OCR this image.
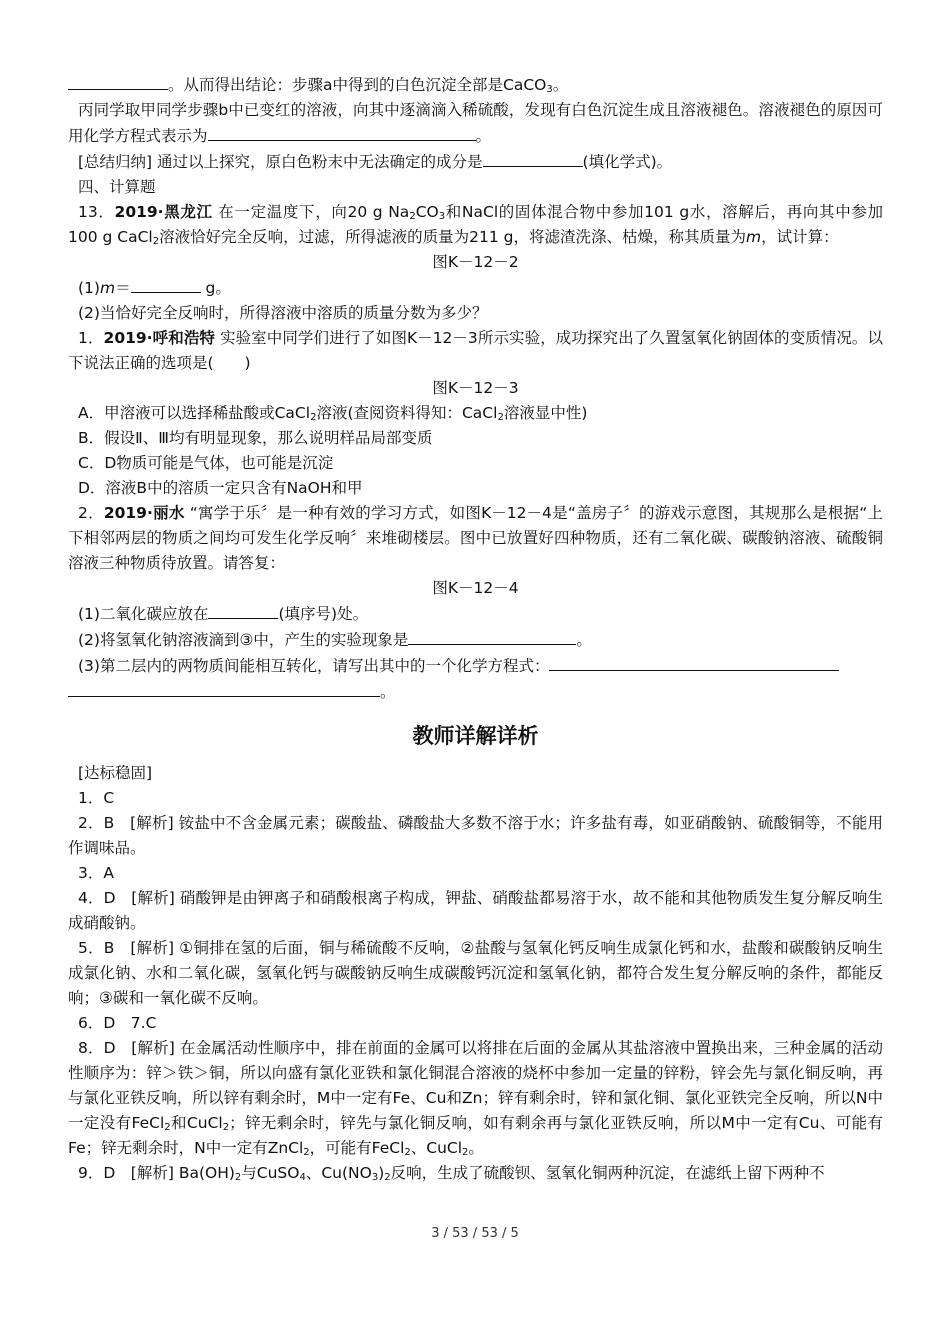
。从而得出结论：步骤a中得到的白色沉淀全部是CaCO$_3$。
丙同学取甲同学步骤b中已变红的溶液，向其中逐滴滴入稀硫酸，发现有白色沉淀生成且溶液褪色。溶液褪色的原因可用化学方程式表示为	。
[总结归纳] 通过以上探究，原白色粉末中无法确定的成分是	(填化学式)。
四、计算题
13．2019·黑龙江 在一定温度下，向20 g $Na_2CO_3$和NaCl的固体混合物中参加101 g水，溶解后，再向其中参加100 g CaCl$_2$溶液恰好完全反响，过滤，所得滤液的质量为211 g，将滤渣洗涤、枯燥，称其质量为m，试计算：
图K－12－2
(1)m＝	g。
(2)当恰好完全反响时，所得溶液中溶质的质量分数为多少？
1．2019·呼和浩特 实验室中同学们进行了如图K－12－3所示实验，成功探究出了久置氢氧化钠固体的变质情况。以下说法正确的选项是(　　)
图K－12－3
A．甲溶液可以选择稀盐酸或CaCl$_2$溶液(查阅资料得知：CaCl$_2$溶液显中性)
B．假设Ⅱ、Ⅲ均有明显现象，那么说明样品局部变质
C．D物质可能是气体，也可能是沉淀
D．溶液B中的溶质一定只含有NaOH和甲
2．2019·丽水 “寓学于乐〞是一种有效的学习方式，如图K－12－4是“盖房子〞的游戏示意图，其规那么是根据“上下相邻两层的物质之间均可发生化学反响〞来堆砌楼层。图中已放置好四种物质，还有二氧化碳、碳酸钠溶液、硫酸铜溶液三种物质待放置。请答复：
图K－12－4
(1)二氧化碳应放在	(填序号)处。
(2)将氢氧化钠溶液滴到③中，产生的实验现象是	。
(3)第二层内的两物质间能相互转化，请写出其中的一个化学方程式：
。
教师详解详析
[达标稳固]
1．C
2．B　[解析] 铵盐中不含金属元素；碳酸盐、磷酸盐大多数不溶于水；许多盐有毒，如亚硝酸钠、硫酸铜等，不能用作调味品。
3．A
4．D　[解析] 硝酸钾是由钾离子和硝酸根离子构成，钾盐、硝酸盐都易溶于水，故不能和其他物质发生复分解反响生成硝酸钠。
5．B　[解析] ①铜排在氢的后面，铜与稀硫酸不反响，②盐酸与氢氧化钙反响生成氯化钙和水，盐酸和碳酸钠反响生成氯化钠、水和二氧化碳，氢氧化钙与碳酸钠反响生成碳酸钙沉淀和氢氧化钠，都符合发生复分解反响的条件，都能反响；③碳和一氧化碳不反响。
6．D　7.C
8．D　[解析] 在金属活动性顺序中，排在前面的金属可以将排在后面的金属从其盐溶液中置换出来，三种金属的活动性顺序为：锌＞铁＞铜，所以向盛有氯化亚铁和氯化铜混合溶液的烧杯中参加一定量的锌粉，锌会先与氯化铜反响，再与氯化亚铁反响，所以锌有剩余时，M中一定有Fe、Cu和Zn；锌有剩余时，锌和氯化铜、氯化亚铁完全反响，所以N中一定没有FeCl$_2$和CuCl$_2$；锌无剩余时，锌先与氯化铜反响，如有剩余再与氯化亚铁反响，所以M中一定有Cu、可能有Fe；锌无剩余时，N中一定有ZnCl$_2$，可能有FeCl$_2$、CuCl$_2$。
9．D　[解析] $Ba(OH)_2$与CuSO$_4$、$Cu(NO_3)_2$反响，生成了硫酸钡、氢氧化铜两种沉淀，在滤纸上留下两种不
3 / 53 / 53 / 5
